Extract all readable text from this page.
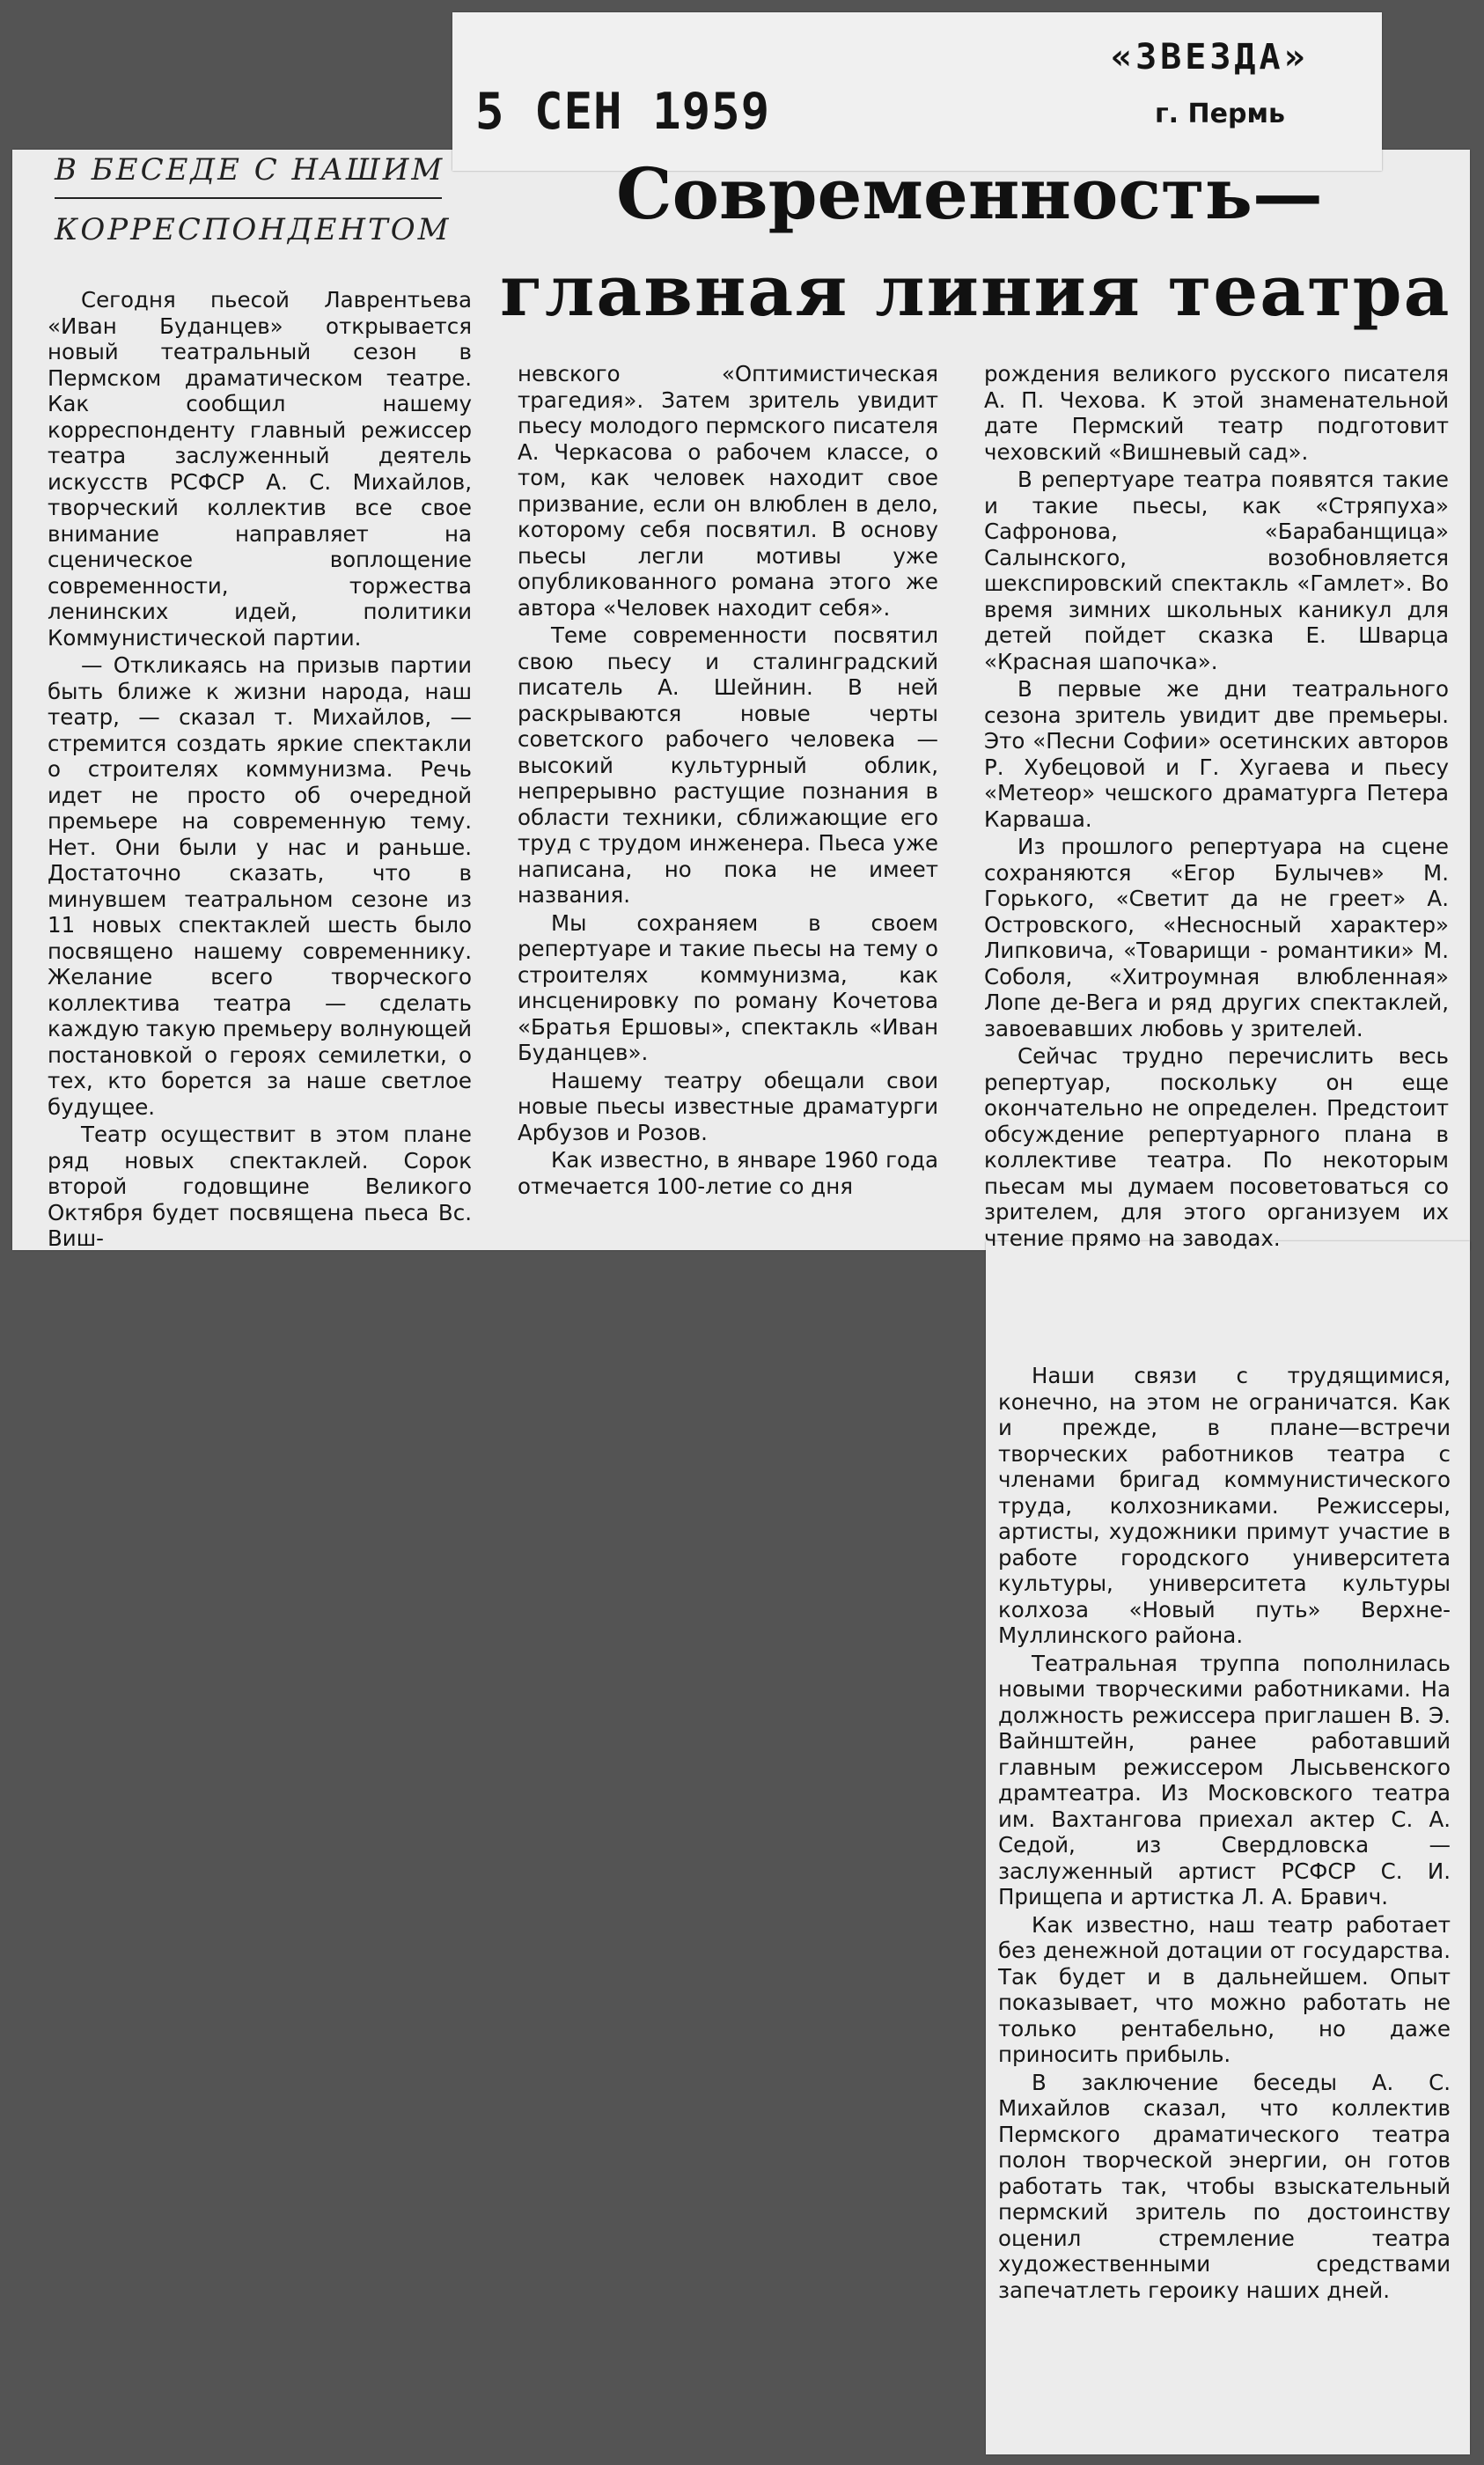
5 СЕН 1959
«ЗВЕЗДА»
г. Пермь
В БЕСЕДЕ С НАШИМ
КОРРЕСПОНДЕНТОМ Современность—
главная линия театра

Сегодня пьесой Лаврентьева «Иван Буданцев» открывается новый театральный сезон в Пермском драматическом театре. Как сообщил нашему корреспонденту главный режиссер театра заслуженный деятель искусств РСФСР А. С. Михайлов, творческий коллектив все свое внимание направляет на сценическое воплощение современности, торжества ленинских идей, политики Коммунистической партии.

— Откликаясь на призыв партии быть ближе к жизни народа, наш театр, — сказал т. Михайлов, — стремится создать яркие спектакли о строителях коммунизма. Речь идет не просто об очередной премьере на современную тему. Нет. Они были у нас и раньше. Достаточно сказать, что в минувшем театральном сезоне из 11 новых спектаклей шесть было посвящено нашему современнику. Желание всего творческого коллектива театра — сделать каждую такую премьеру волнующей постановкой о героях семилетки, о тех, кто борется за наше светлое будущее.

Театр осуществит в этом плане ряд новых спектаклей. Сорок второй годовщине Великого Октября будет посвящена пьеса Вс. Виш-

невского «Оптимистическая трагедия». Затем зритель увидит пьесу молодого пермского писателя А. Черкасова о рабочем классе, о том, как человек находит свое призвание, если он влюблен в дело, которому себя посвятил. В основу пьесы легли мотивы уже опубликованного романа этого же автора «Человек находит себя».

Теме современности посвятил свою пьесу и сталинградский писатель А. Шейнин. В ней раскрываются новые черты советского рабочего человека — высокий культурный облик, непрерывно растущие познания в области техники, сближающие его труд с трудом инженера. Пьеса уже написана, но пока не имеет названия.

Мы сохраняем в своем репертуаре и такие пьесы на тему о строителях коммунизма, как инсценировку по роману Кочетова «Братья Ершовы», спектакль «Иван Буданцев».

Нашему театру обещали свои новые пьесы известные драматурги Арбузов и Розов.

Как известно, в январе 1960 года отмечается 100-летие со дня

рождения великого русского писателя А. П. Чехова. К этой знаменательной дате Пермский театр подготовит чеховский «Вишневый сад».

В репертуаре театра появятся такие и такие пьесы, как «Стряпуха» Сафронова, «Барабанщица» Салынского, возобновляется шекспировский спектакль «Гамлет». Во время зимних школьных каникул для детей пойдет сказка Е. Шварца «Красная шапочка».

В первые же дни театрального сезона зритель увидит две премьеры. Это «Песни Софии» осетинских авторов Р. Хубецовой и Г. Хугаева и пьесу «Метеор» чешского драматурга Петера Карваша.

Из прошлого репертуара на сцене сохраняются «Егор Булычев» М. Горького, «Светит да не греет» А. Островского, «Несносный характер» Липковича, «Товарищи - романтики» М. Соболя, «Хитроумная влюбленная» Лопе де-Вега и ряд других спектаклей, завоевавших любовь у зрителей.

Сейчас трудно перечислить весь репертуар, поскольку он еще окончательно не определен. Предстоит обсуждение репертуарного плана в коллективе театра. По некоторым пьесам мы думаем посоветоваться со зрителем, для этого организуем их чтение прямо на заводах.

Наши связи с трудящимися, конечно, на этом не ограничатся. Как и прежде, в плане—встречи творческих работников театра с членами бригад коммунистического труда, колхозниками. Режиссеры, артисты, художники примут участие в работе городского университета культуры, университета культуры колхоза «Новый путь» Верхне-Муллинского района.

Театральная труппа пополнилась новыми творческими работниками. На должность режиссера приглашен В. Э. Вайнштейн, ранее работавший главным режиссером Лысьвенского драмтеатра. Из Московского театра им. Вахтангова приехал актер С. А. Седой, из Свердловска — заслуженный артист РСФСР С. И. Прищепа и артистка Л. А. Бравич.

Как известно, наш театр работает без денежной дотации от государства. Так будет и в дальнейшем. Опыт показывает, что можно работать не только рентабельно, но даже приносить прибыль.

В заключение беседы А. С. Михайлов сказал, что коллектив Пермского драматического театра полон творческой энергии, он готов работать так, чтобы взыскательный пермский зритель по достоинству оценил стремление театра художественными средствами запечатлеть героику наших дней.
